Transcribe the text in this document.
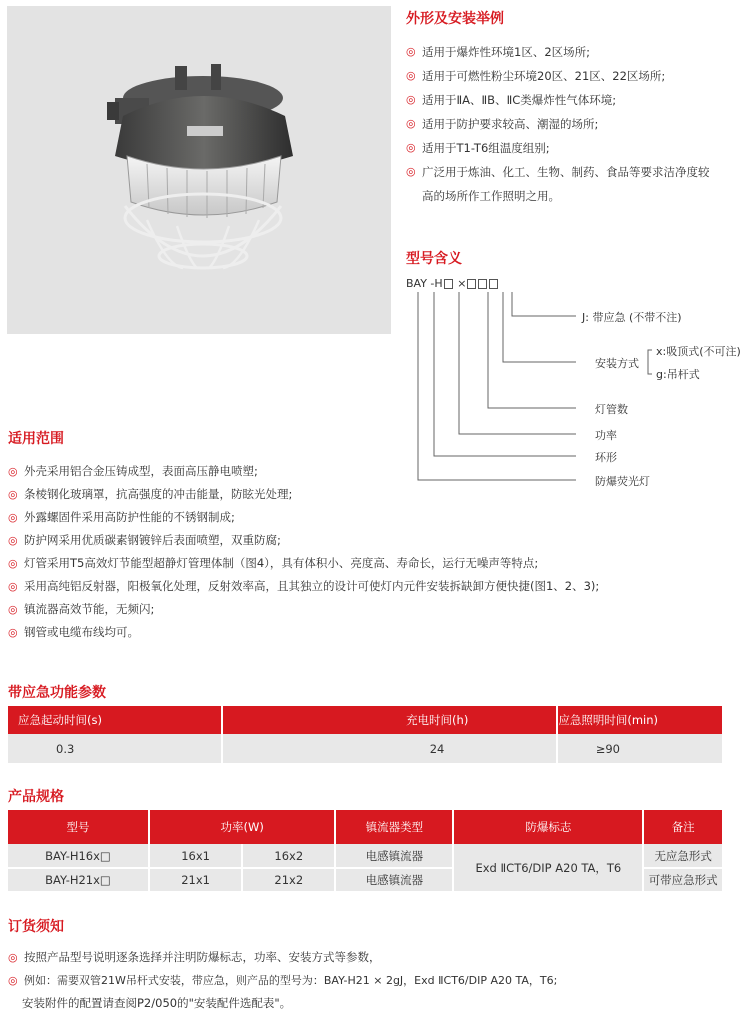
外形及安装举例
◎ 适用于爆炸性环境1区、2区场所;
◎ 适用于可燃性粉尘环境20区、21区、22区场所;
◎ 适用于ⅡA、ⅡB、ⅡC类爆炸性气体环境;
◎ 适用于防护要求较高、潮湿的场所;
◎ 适用于T1-T6组温度组别;
◎ 广泛用于炼油、化工、生物、制药、食品等要求洁净度较
高的场所作工作照明之用。
型号含义
BAY -H ×
J: 带应急 (不带不注)
安装方式
x:吸顶式(不可注)
g:吊杆式
灯管数
功率
环形
防爆荧光灯
适用范围
◎ 外壳采用铝合金压铸成型，表面高压静电喷塑;
◎ 条棱钢化玻璃罩，抗高强度的冲击能量，防眩光处理;
◎ 外露螺固件采用高防护性能的不锈钢制成;
◎ 防护网采用优质碳素钢镀锌后表面喷塑，双重防腐;
◎ 灯管采用T5高效灯节能型超静灯管理体制（图4），具有体积小、亮度高、寿命长，运行无噪声等特点;
◎ 采用高纯铝反射器，阳极氧化处理，反射效率高，且其独立的设计可使灯内元件安装拆缺卸方便快捷(图1、2、3);
◎ 镇流器高效节能，无频闪;
◎ 钢管或电缆布线均可。
带应急功能参数
应急起动时间(s)	充电时间(h)	应急照明时间(min)
0.3	24	≥90
产品规格
型号	功率(W)		镇流器类型	防爆标志	备注
BAY-H16x□	16x1	16x2	电感镇流器	Exd ⅡCT6/DIP A20 TA，T6	无应急形式
BAY-H21x□	21x1	21x2	电感镇流器		可带应急形式
订货须知
◎ 按照产品型号说明逐条选择并注明防爆标志，功率、安装方式等参数，
◎ 例如：需要双管21W吊杆式安装，带应急，则产品的型号为：BAY-H21 × 2gJ，Exd ⅡCT6/DIP A20 TA，T6;
安装附件的配置请查阅P2/050的"安装配件选配表"。
